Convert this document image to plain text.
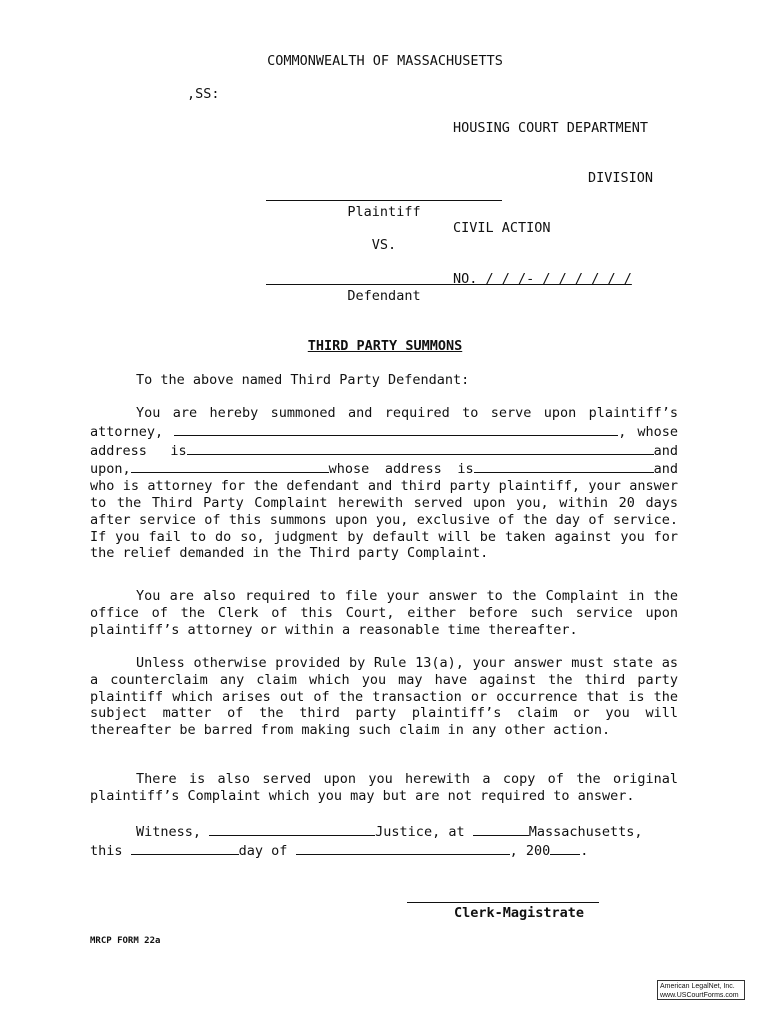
COMMONWEALTH OF MASSACHUSETTS
,SS:

HOUSING COURT DEPARTMENT

DIVISION

CIVIL ACTION

NO. / / /- / / / / / /

Plaintiff
VS.
Defendant
THIRD PARTY SUMMONS

To the above named Third Party Defendant:

You are hereby summoned and required to serve upon plaintiff’s attorney,	, whose address is	and upon,	whose address is	and who is attorney for the defendant and third party plaintiff, your answer to the Third Party Complaint herewith served upon you, within 20 days after service of this summons upon you, exclusive of the day of service. If you fail to do so, judgment by default will be taken against you for the relief demanded in the Third party Complaint.

You are also required to file your answer to the Complaint in the office of the Clerk of this Court, either before such service upon plaintiff’s attorney or within a reasonable time thereafter.

Unless otherwise provided by Rule 13(a), your answer must state as a counterclaim any claim which you may have against the third party plaintiff which arises out of the transaction or occurrence that is the subject matter of the third party plaintiff’s claim or you will thereafter be barred from making such claim in any other action.

There is also served upon you herewith a copy of the original plaintiff’s Complaint which you may but are not required to answer.

Witness,	Justice, at	Massachusetts,
this	day of	, 200 .
Clerk-Magistrate
MRCP FORM 22a
American LegalNet, Inc.
www.USCourtForms.com
